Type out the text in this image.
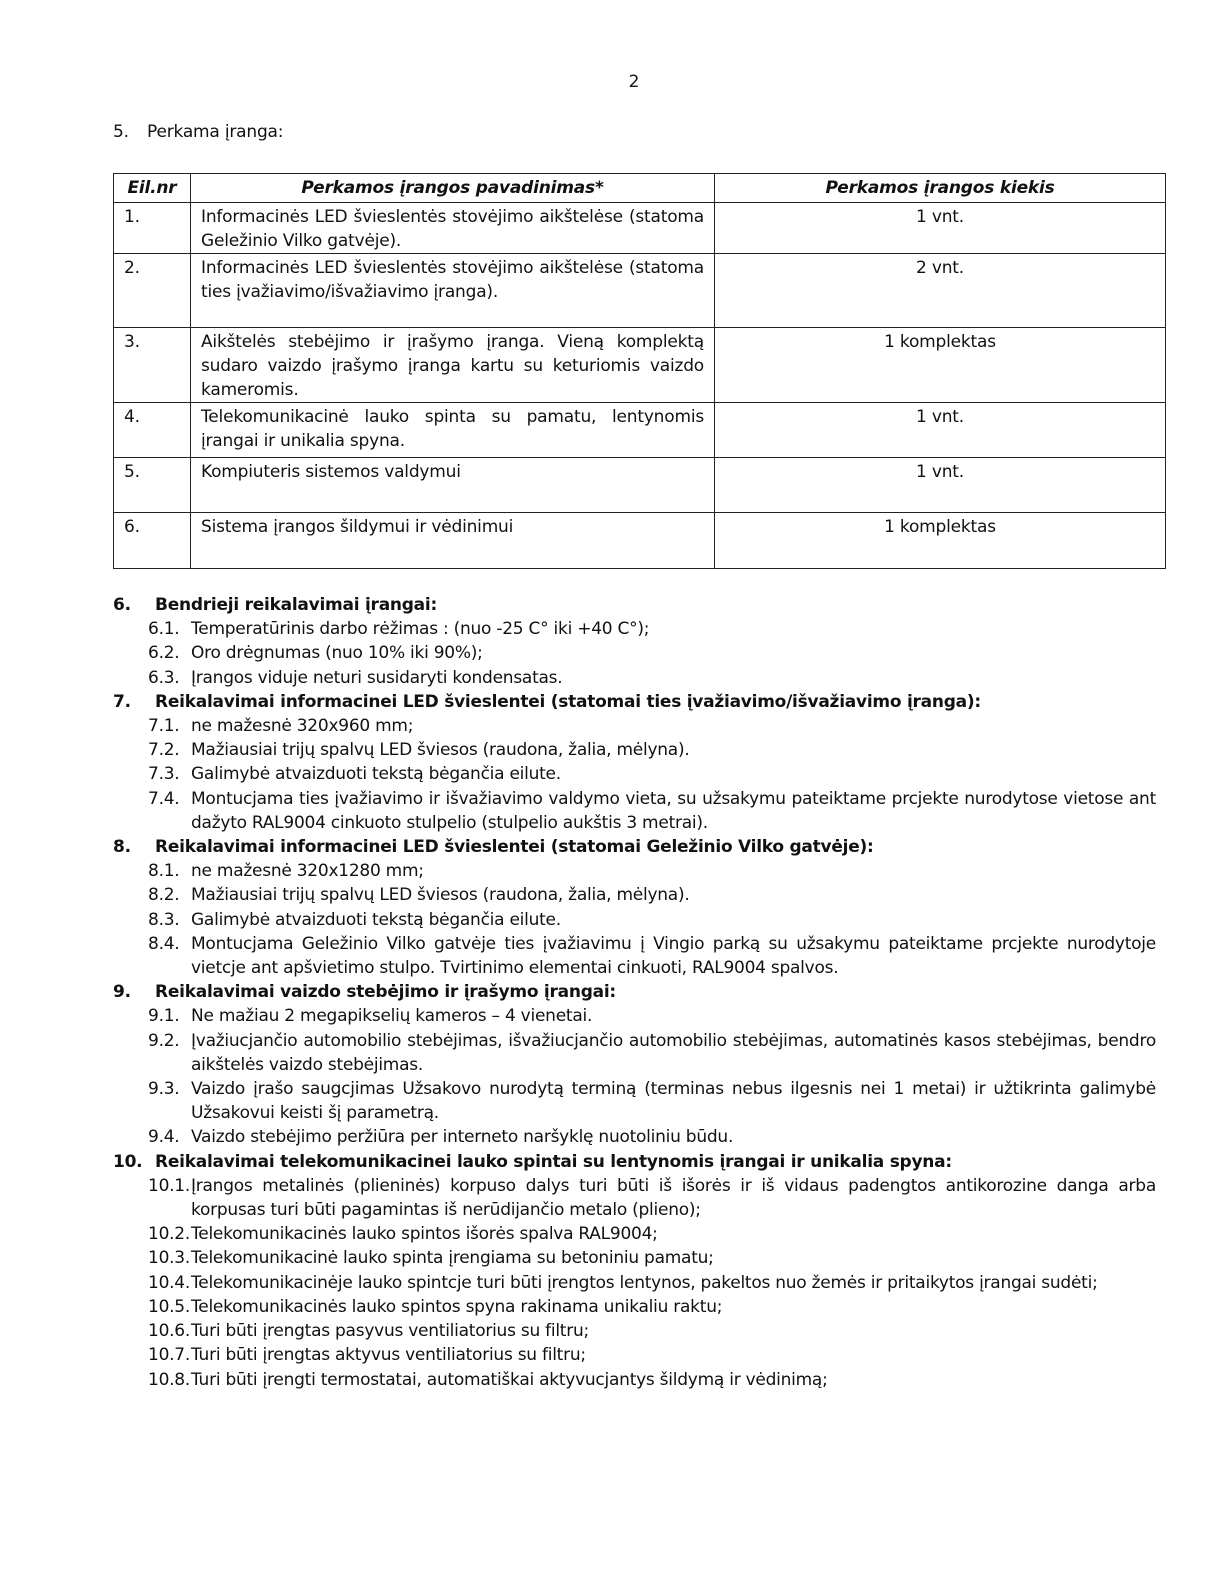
2
5. Perkama įranga:
Eil.nr	Perkamos įrangos pavadinimas*	Perkamos įrangos kiekis
1.	Informacinės LED švieslentės stovėjimo aikštelėse (statoma Geležinio Vilko gatvėje).	1 vnt.
2.	Informacinės LED švieslentės stovėjimo aikštelėse (statoma ties įvažiavimo/išvažiavimo įranga).	2 vnt.
3.	Aikštelės stebėjimo ir įrašymo įranga. Vieną komplektą sudaro vaizdo įrašymo įranga kartu su keturiomis vaizdo kameromis.	1 komplektas
4.	Telekomunikacinė lauko spinta su pamatu, lentynomis įrangai ir unikalia spyna.	1 vnt.
5.	Kompiuteris sistemos valdymui	1 vnt.
6.	Sistema įrangos šildymui ir vėdinimui	1 komplektas
6.	Bendrieji reikalavimai įrangai:
6.1. Temperatūrinis darbo rėžimas : (nuo -25 C° iki +40 C°);
6.2. Oro drėgnumas (nuo 10% iki 90%);
6.3. Įrangos viduje neturi susidaryti kondensatas.
7.	Reikalavimai informacinei LED švieslentei (statomai ties įvažiavimo/išvažiavimo įranga):
7.1. ne mažesnė 320x960 mm;
7.2. Mažiausiai trijų spalvų LED šviesos (raudona, žalia, mėlyna).
7.3. Galimybė atvaizduoti tekstą bėgančia eilute.
7.4. Montucjama ties įvažiavimo ir išvažiavimo valdymo vieta, su užsakymu pateiktame prcjekte nurodytose vietose ant dažyto RAL9004 cinkuoto stulpelio (stulpelio aukštis 3 metrai).
8.	Reikalavimai informacinei LED švieslentei (statomai Geležinio Vilko gatvėje):
8.1. ne mažesnė 320x1280 mm;
8.2. Mažiausiai trijų spalvų LED šviesos (raudona, žalia, mėlyna).
8.3. Galimybė atvaizduoti tekstą bėgančia eilute.
8.4. Montucjama Geležinio Vilko gatvėje ties įvažiavimu į Vingio parką su užsakymu pateiktame prcjekte nurodytoje vietcje ant apšvietimo stulpo. Tvirtinimo elementai cinkuoti, RAL9004 spalvos.
9.	Reikalavimai vaizdo stebėjimo ir įrašymo įrangai:
9.1. Ne mažiau 2 megapikselių kameros – 4 vienetai.
9.2. Įvažiucjančio automobilio stebėjimas, išvažiucjančio automobilio stebėjimas, automatinės kasos stebėjimas, bendro aikštelės vaizdo stebėjimas.
9.3. Vaizdo įrašo saugcjimas Užsakovo nurodytą terminą (terminas nebus ilgesnis nei 1 metai) ir užtikrinta galimybė Užsakovui keisti šį parametrą.
9.4. Vaizdo stebėjimo peržiūra per interneto naršyklę nuotoliniu būdu.
10. Reikalavimai telekomunikacinei lauko spintai su lentynomis įrangai ir unikalia spyna:
10.1. Įrangos metalinės (plieninės) korpuso dalys turi būti iš išorės ir iš vidaus padengtos antikorozine danga arba korpusas turi būti pagamintas iš nerūdijančio metalo (plieno);
10.2. Telekomunikacinės lauko spintos išorės spalva RAL9004;
10.3. Telekomunikacinė lauko spinta įrengiama su betoniniu pamatu;
10.4. Telekomunikacinėje lauko spintcje turi būti įrengtos lentynos, pakeltos nuo žemės ir pritaikytos įrangai sudėti;
10.5. Telekomunikacinės lauko spintos spyna rakinama unikaliu raktu;
10.6. Turi būti įrengtas pasyvus ventiliatorius su filtru;
10.7. Turi būti įrengtas aktyvus ventiliatorius su filtru;
10.8. Turi būti įrengti termostatai, automatiškai aktyvucjantys šildymą ir vėdinimą;
